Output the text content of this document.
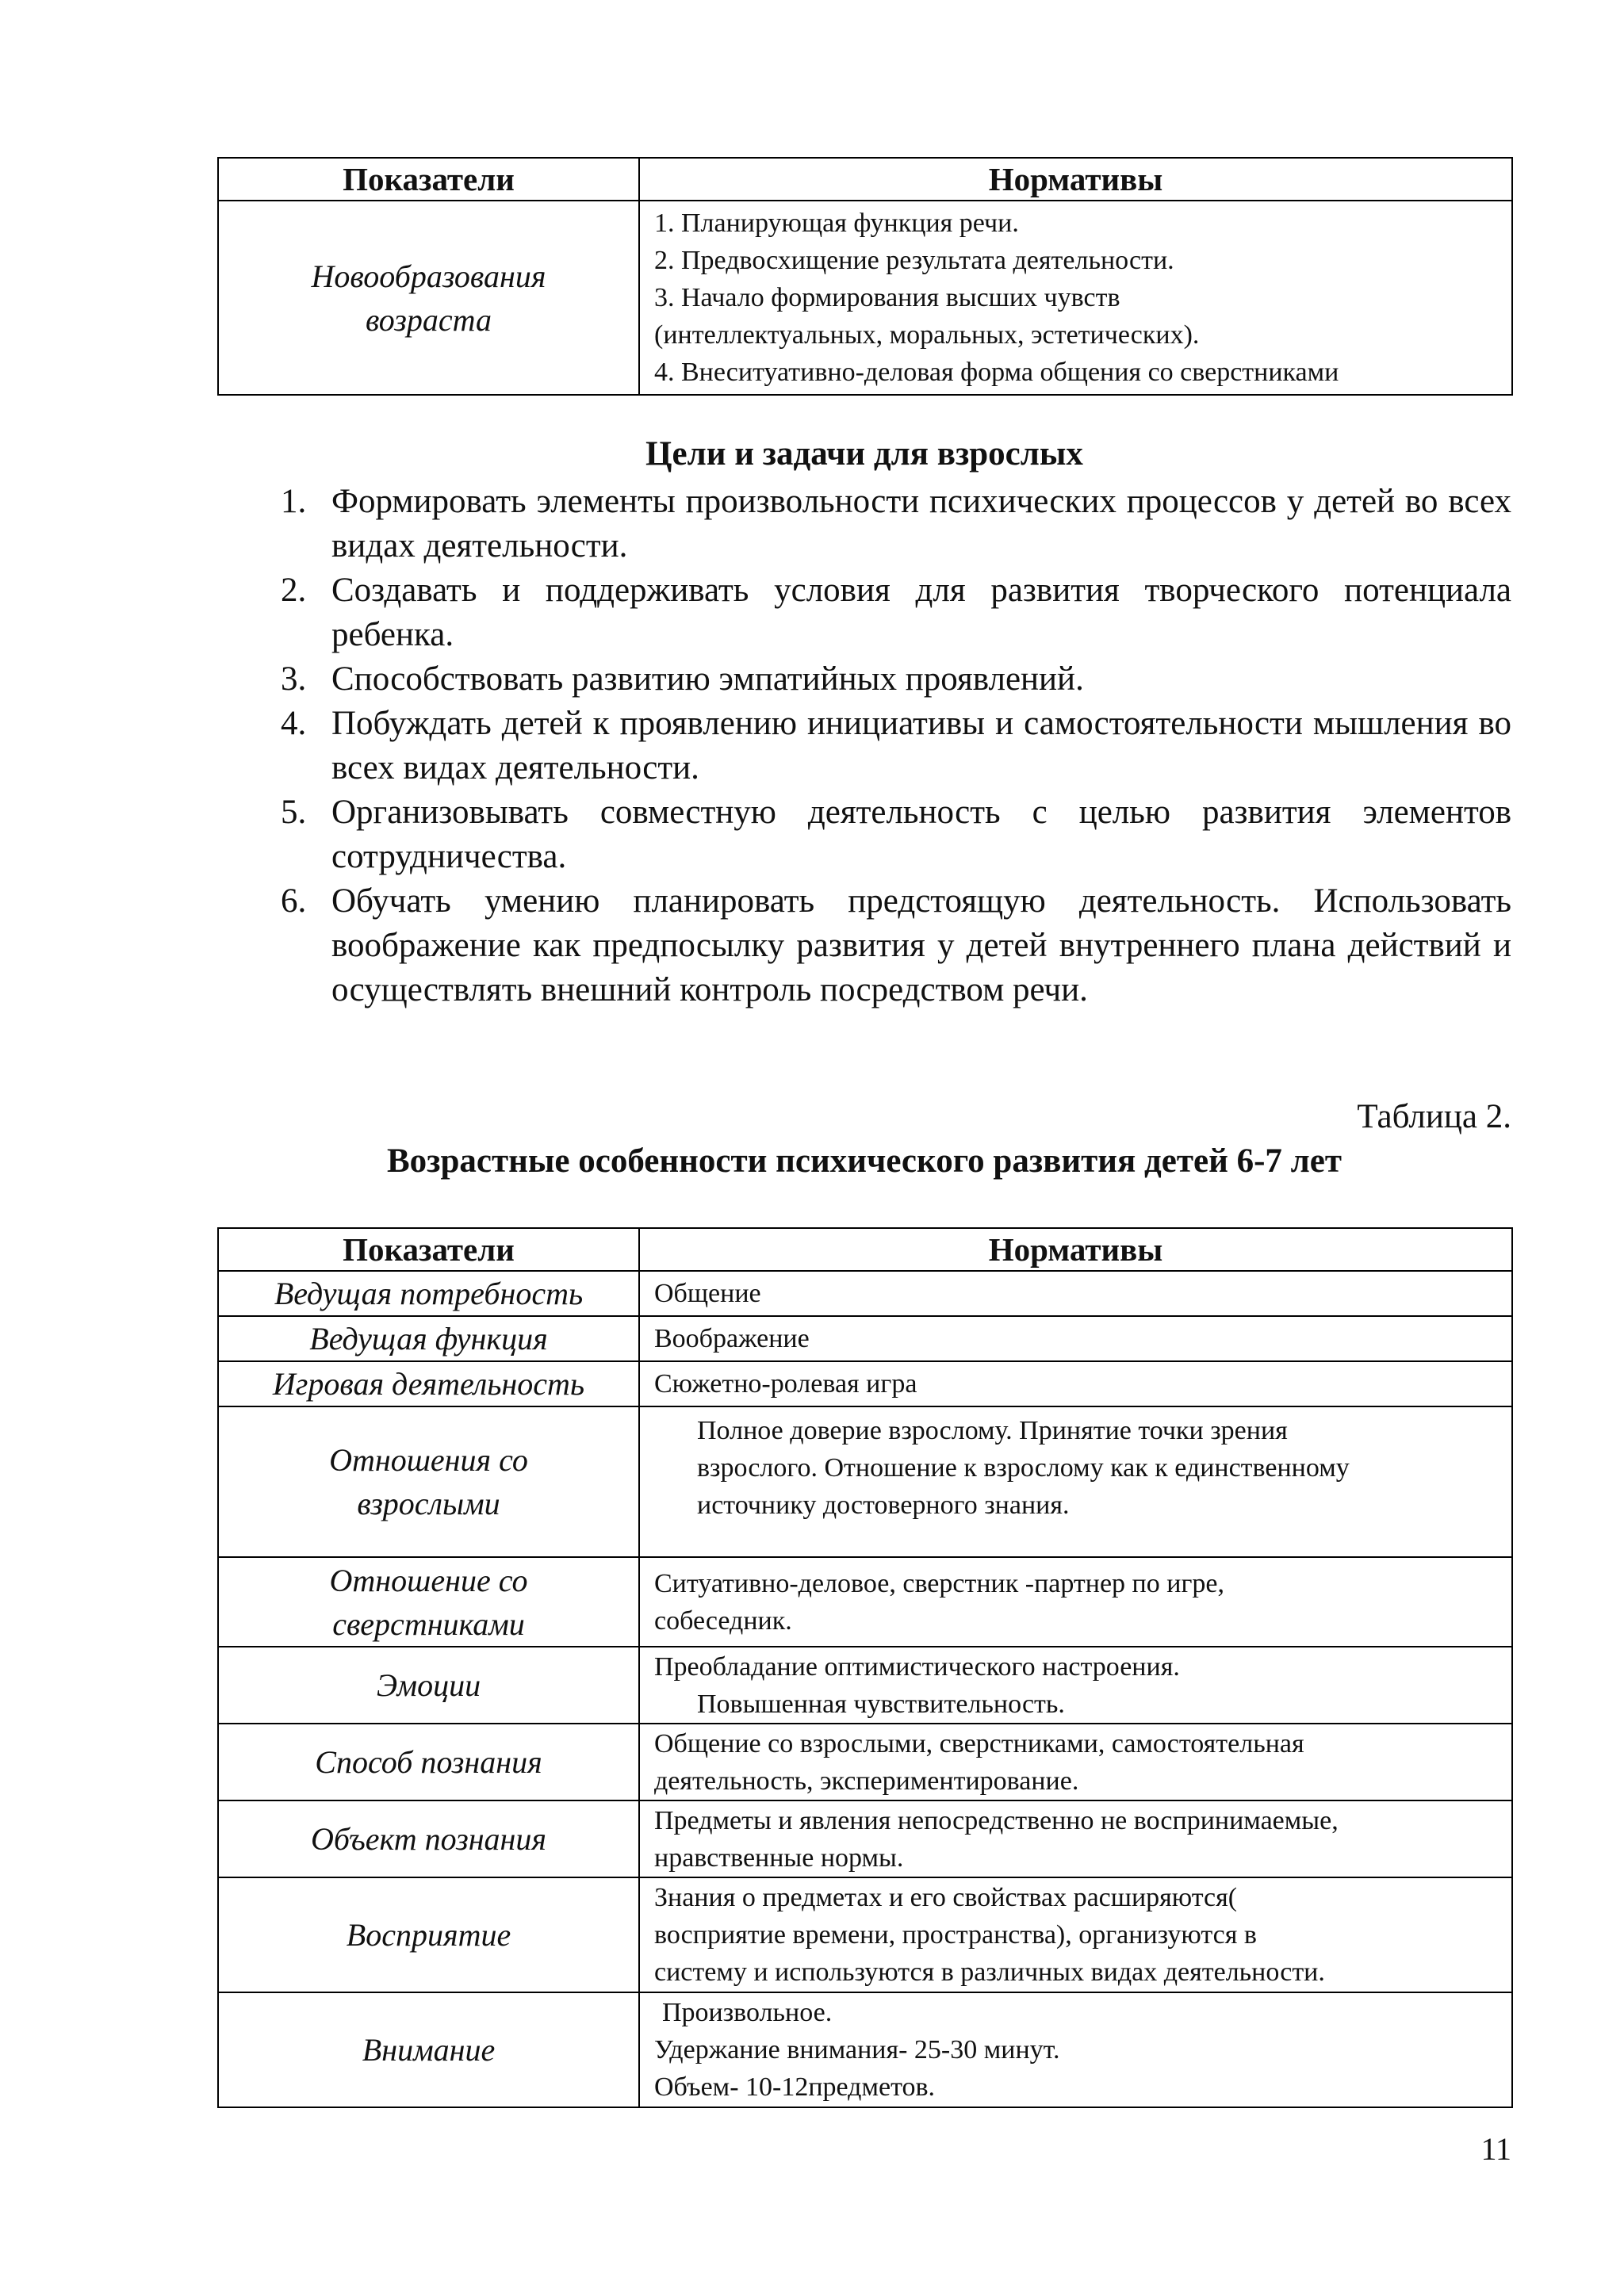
Показатели	Нормативы
Новообразования возраста	1. Планирующая функция речи.
2. Предвосхищение результата деятельности.
3. Начало формирования высших чувств
(интеллектуальных, моральных, эстетических).
4. Внеситуативно-деловая форма общения со сверстниками
Цели и задачи для взрослых
1. Формировать элементы произвольности психических процессов у детей во всех видах деятельности.
2. Создавать и поддерживать условия для развития творческого потенциала ребенка.
3. Способствовать развитию эмпатийных проявлений.
4. Побуждать детей к проявлению инициативы и самостоятельности мышления во всех видах деятельности.
5. Организовывать совместную деятельность с целью развития элементов сотрудничества.
6. Обучать умению планировать предстоящую деятельность. Использовать воображение как предпосылку развития у детей внутреннего плана действий и осуществлять внешний контроль посредством речи.
Таблица 2.
Возрастные особенности психического развития детей 6-7 лет
Показатели	Нормативы
Ведущая потребность	Общение

Ведущая функция	Воображение

Игровая деятельность	Сюжетно-ролевая игра

Отношения со взрослыми	Полное доверие взрослому. Принятие точки зрения
взрослого. Отношение к взрослому как к единственному
источнику достоверного знания.

Отношение со сверстниками	Ситуативно-деловое, сверстник -партнер по игре,
собеседник.

Эмоции	Преобладание оптимистического настроения.
Повышенная чувствительность.

Способ познания	Общение со взрослыми, сверстниками, самостоятельная
деятельность, экспериментирование.

Объект познания	Предметы и явления непосредственно не воспринимаемые,
нравственные нормы.

Восприятие	Знания о предметах и его свойствах расширяются(
восприятие времени, пространства), организуются в
систему и используются в различных видах деятельности.

Внимание	Произвольное.
Удержание внимания- 25-30 минут.
Объем- 10-12предметов.
11
